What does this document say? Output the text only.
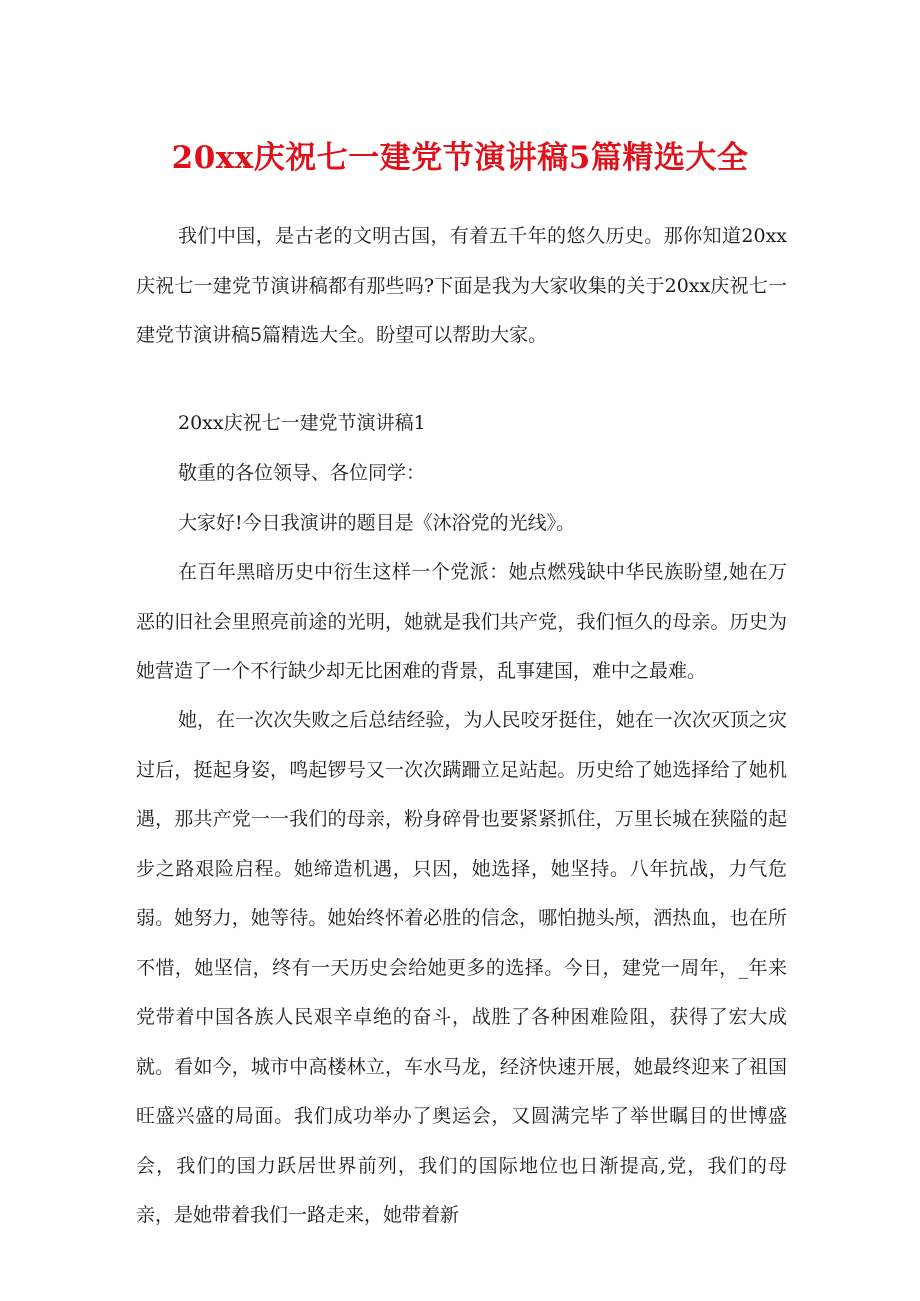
20xx庆祝七一建党节演讲稿5篇精选大全

我们中国，是古老的文明古国，有着五千年的悠久历史。那你知道20xx庆祝七一建党节演讲稿都有那些吗?下面是我为大家收集的关于20xx庆祝七一建党节演讲稿5篇精选大全。盼望可以帮助大家。

20xx庆祝七一建党节演讲稿1

敬重的各位领导、各位同学：

大家好!今日我演讲的题目是《沐浴党的光线》。

在百年黑暗历史中衍生这样一个党派：她点燃残缺中华民族盼望,她在万恶的旧社会里照亮前途的光明，她就是我们共产党，我们恒久的母亲。历史为她营造了一个不行缺少却无比困难的背景，乱事建国，难中之最难。

她，在一次次失败之后总结经验，为人民咬牙挺住，她在一次次灭顶之灾过后，挺起身姿，鸣起锣号又一次次蹒跚立足站起。历史给了她选择给了她机遇，那共产党一一我们的母亲，粉身碎骨也要紧紧抓住，万里长城在狭隘的起步之路艰险启程。她缔造机遇，只因，她选择，她坚持。八年抗战，力气危弱。她努力，她等待。她始终怀着必胜的信念，哪怕抛头颅，洒热血，也在所不惜，她坚信，终有一天历史会给她更多的选择。今日，建党一周年，_年来党带着中国各族人民艰辛卓绝的奋斗，战胜了各种困难险阻，获得了宏大成就。看如今，城市中高楼林立，车水马龙，经济快速开展，她最终迎来了祖国旺盛兴盛的局面。我们成功举办了奥运会，又圆满完毕了举世瞩目的世博盛会，我们的国力跃居世界前列，我们的国际地位也日渐提高,党，我们的母亲，是她带着我们一路走来，她带着新
